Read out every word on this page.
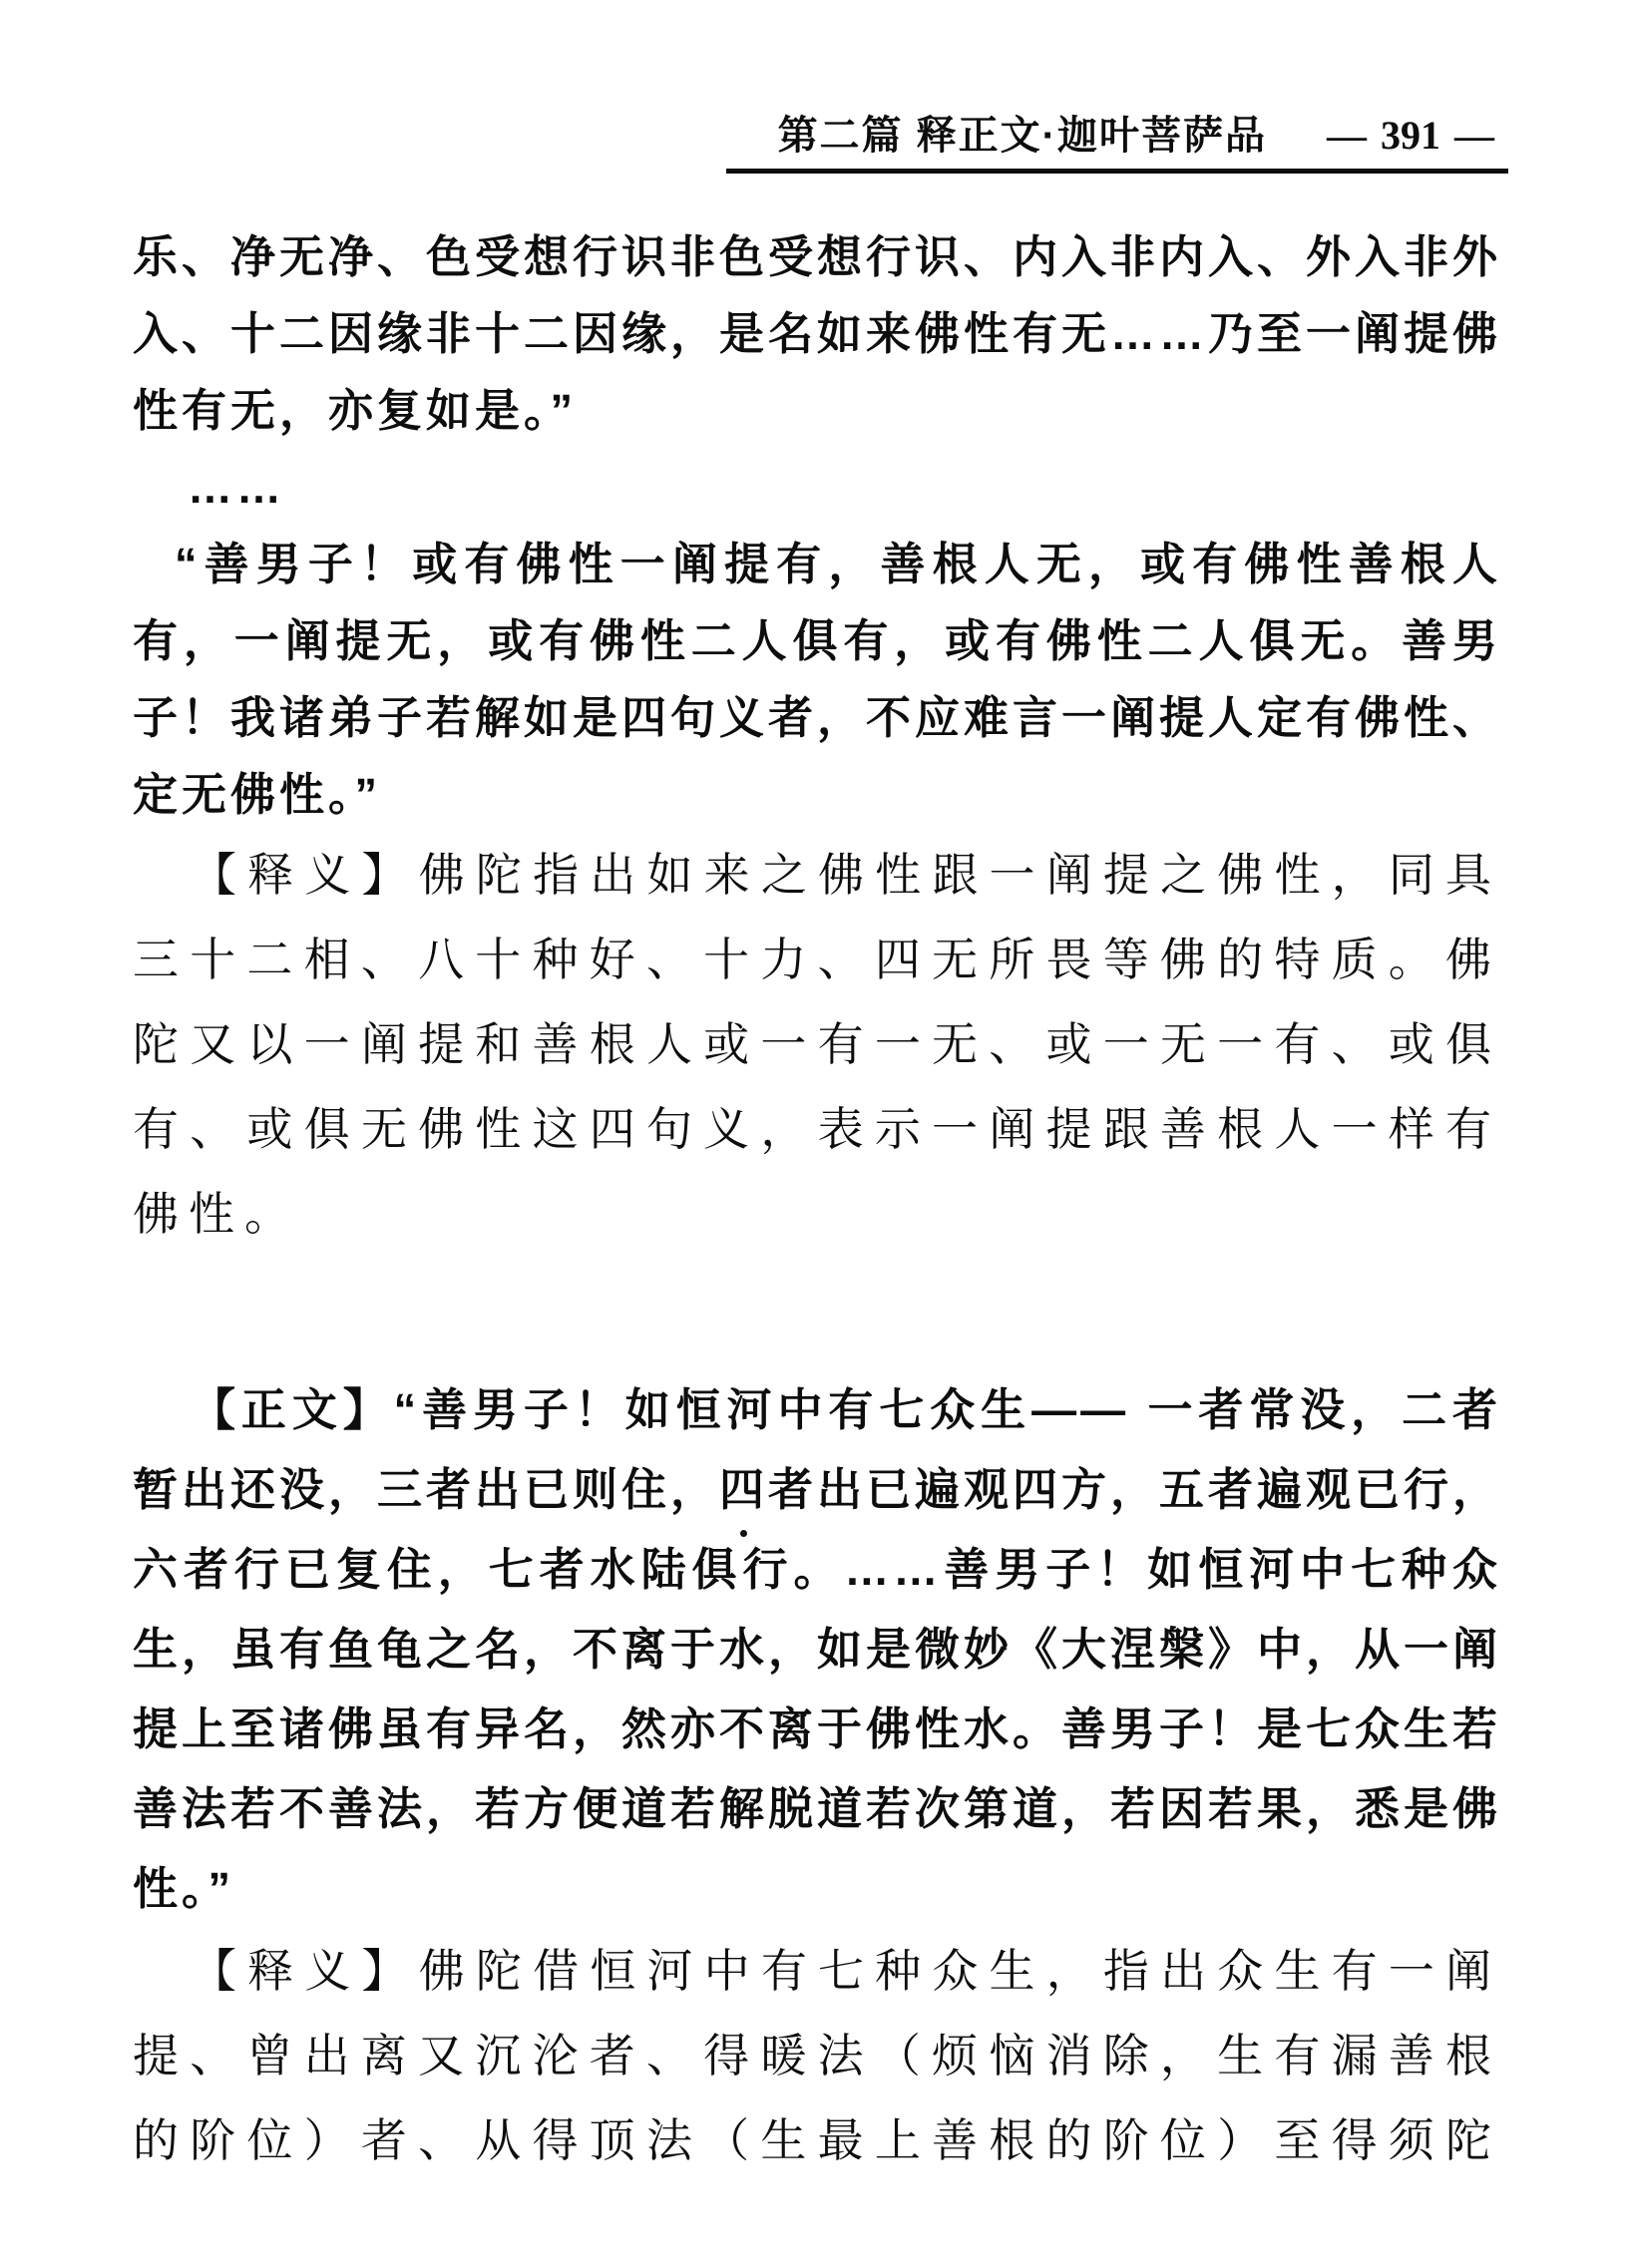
第二篇 释正文·迦叶菩萨品 — 391 —
乐、净无净、色受想行识非色受想行识、内入非内入、外入非外
入、十二因缘非十二因缘，是名如来佛性有无……乃至一阐提佛
性有无，亦复如是。”
……
“善男子！或有佛性一阐提有，善根人无，或有佛性善根人
有，一阐提无，或有佛性二人俱有，或有佛性二人俱无。善男
子！我诸弟子若解如是四句义者，不应难言一阐提人定有佛性、
定无佛性。”
【释义】佛陀指出如来之佛性跟一阐提之佛性，同具
三十二相、八十种好、十力、四无所畏等佛的特质。佛
陀又以一阐提和善根人或一有一无、或一无一有、或俱
有、或俱无佛性这四句义，表示一阐提跟善根人一样有
佛性。
【正文】“善男子！如恒河中有七众生—— 一者常没，二者
暂出还没，三者出已则住，四者出已遍观四方，五者遍观已行，
六者行已复住，七者水陆俱行。……善男子！如恒河中七种众
生，虽有鱼龟之名，不离于水，如是微妙《大涅槃》中，从一阐
提上至诸佛虽有异名，然亦不离于佛性水。善男子！是七众生若
善法若不善法，若方便道若解脱道若次第道，若因若果，悉是佛
性。”
【释义】佛陀借恒河中有七种众生，指出众生有一阐
提、曾出离又沉沦者、得暖法（烦恼消除，生有漏善根
的阶位）者、从得顶法（生最上善根的阶位）至得须陀
